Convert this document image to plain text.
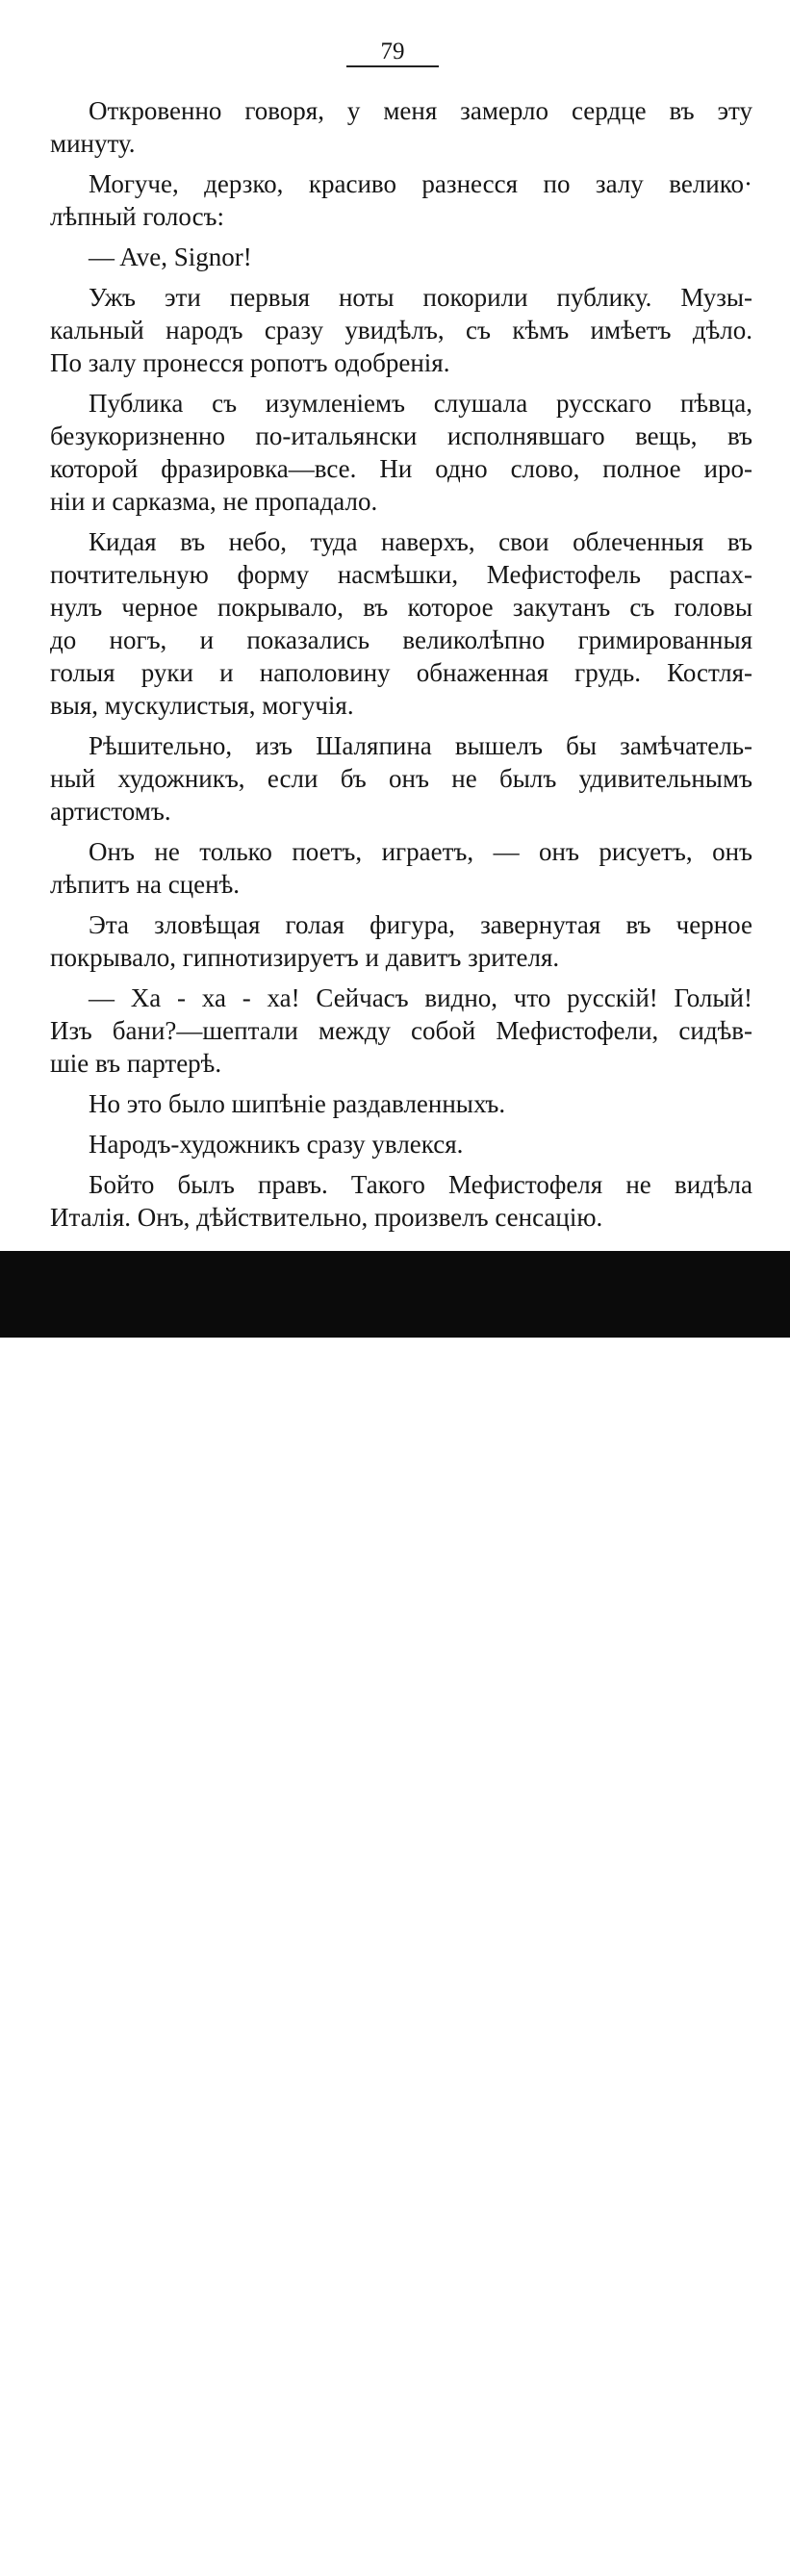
79
Откровенно говоря, у меня замерло сердце въ эту
минуту.
Могуче, дерзко, красиво разнесся по залу велико·
лѣпный голосъ:
— Ave, Signor!
Ужъ эти первыя ноты покорили публику. Музы-
кальный народъ сразу увидѣлъ, съ кѣмъ имѣетъ дѣло.
По залу пронесся ропотъ одобренія.
Публика съ изумленіемъ слушала русскаго пѣвца,
безукоризненно по-итальянски исполнявшаго вещь, въ
которой фразировка—все. Ни одно слово, полное иро-
ніи и сарказма, не пропадало.
Кидая въ небо, туда наверхъ, свои облеченныя въ
почтительную форму насмѣшки, Мефистофель распах-
нулъ черное покрывало, въ которое закутанъ съ головы
до ногъ, и показались великолѣпно гримированныя
голыя руки и наполовину обнаженная грудь. Костля-
выя, мускулистыя, могучія.
Рѣшительно, изъ Шаляпина вышелъ бы замѣчатель-
ный художникъ, если бъ онъ не былъ удивительнымъ
артистомъ.
Онъ не только поетъ, играетъ, — онъ рисуетъ, онъ
лѣпитъ на сценѣ.
Эта зловѣщая голая фигура, завернутая въ черное
покрывало, гипнотизируетъ и давитъ зрителя.
— Ха - ха - ха! Сейчасъ видно, что русскій! Голый!
Изъ бани?—шептали между собой Мефистофели, сидѣв-
шіе въ партерѣ.
Но это было шипѣніе раздавленныхъ.
Народъ-художникъ сразу увлекся.
Бойто былъ правъ. Такого Мефистофеля не видѣла
Италія. Онъ, дѣйствительно, произвелъ сенсацію.
alamy	P7BMW1
www.alamy.com
